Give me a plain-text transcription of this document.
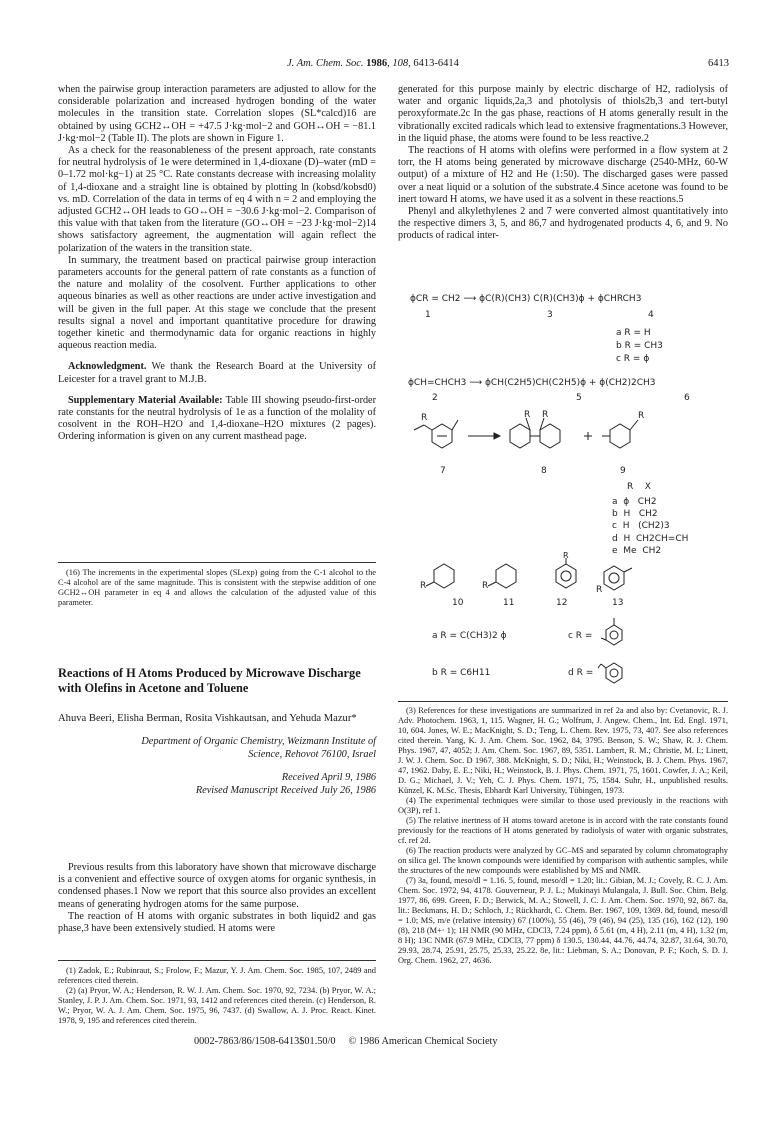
J. Am. Chem. Soc. 1986, 108, 6413-6414	6413

when the pairwise group interaction parameters are adjusted to allow for the considerable polarization and increased hydrogen bonding of the water molecules in the transition state. Correlation slopes (SL*calcd)16 are obtained by using GCH2↔OH = +47.5 J·kg·mol−2 and GOH↔OH = −81.1 J·kg·mol−2 (Table II). The plots are shown in Figure 1.

As a check for the reasonableness of the present approach, rate constants for neutral hydrolysis of 1e were determined in 1,4-dioxane (D)–water (mD = 0–1.72 mol·kg−1) at 25 °C. Rate constants decrease with increasing molality of 1,4-dioxane and a straight line is obtained by plotting ln (kobsd/kobsd0) vs. mD. Correlation of the data in terms of eq 4 with n = 2 and employing the adjusted GCH2↔OH leads to GO↔OH = −30.6 J·kg·mol−2. Comparison of this value with that taken from the literature (GO↔OH = −23 J·kg·mol−2)14 shows satisfactory agreement, the augmentation will again reflect the polarization of the waters in the transition state.

In summary, the treatment based on practical pairwise group interaction parameters accounts for the general pattern of rate constants as a function of the nature and molality of the cosolvent. Further applications to other aqueous binaries as well as other reactions are under active investigation and will be given in the full paper. At this stage we conclude that the present results signal a novel and important quantitative procedure for drawing together kinetic and thermodynamic data for organic reactions in highly aqueous reaction media.

Acknowledgment. We thank the Research Board at the University of Leicester for a travel grant to M.J.B.

Supplementary Material Available: Table III showing pseudo-first-order rate constants for the neutral hydrolysis of 1e as a function of the molality of cosolvent in the ROH–H2O and 1,4-dioxane–H2O mixtures (2 pages). Ordering information is given on any current masthead page.

(16) The increments in the experimental slopes (SLexp) going from the C-1 alcohol to the C-4 alcohol are of the same magnitude. This is consistent with the stepwise addition of one GCH2↔OH parameter in eq 4 and allows the calculation of the adjusted value of this parameter.

Reactions of H Atoms Produced by Microwave Discharge with Olefins in Acetone and Toluene
Ahuva Beeri, Elisha Berman, Rosita Vishkautsan, and Yehuda Mazur*
Department of Organic Chemistry, Weizmann Institute of Science, Rehovot 76100, Israel
Received April 9, 1986
Revised Manuscript Received July 26, 1986

Previous results from this laboratory have shown that microwave discharge is a convenient and effective source of oxygen atoms for organic synthesis, in condensed phases.1 Now we report that this source also provides an excellent means of generating hydrogen atoms for the same purpose.

The reaction of H atoms with organic substrates in both liquid2 and gas phase,3 have been extensively studied. H atoms were

(1) Zadok, E.; Rubinraut, S.; Frolow, F.; Mazur, Y. J. Am. Chem. Soc. 1985, 107, 2489 and references cited therein.

(2) (a) Pryor, W. A.; Henderson, R. W. J. Am. Chem. Soc. 1970, 92, 7234. (b) Pryor, W. A.; Stanley, J. P. J. Am. Chem. Soc. 1971, 93, 1412 and references cited therein. (c) Henderson, R. W.; Pryor, W. A. J. Am. Chem. Soc. 1975, 96, 7437. (d) Swallow, A. J. Proc. React. Kinet. 1978, 9, 195 and references cited therein.

generated for this purpose mainly by electric discharge of H2, radiolysis of water and organic liquids,2a,3 and photolysis of thiols2b,3 and tert-butyl peroxyformate.2c In the gas phase, reactions of H atoms generally result in the vibrationally excited radicals which lead to extensive fragmentations.3 However, in the liquid phase, the atoms were found to be less reactive.2

The reactions of H atoms with olefins were performed in a flow system at 2 torr, the H atoms being generated by microwave discharge (2540-MHz, 60-W output) of a mixture of H2 and He (1:50). The discharged gases were passed over a neat liquid or a solution of the substrate.4 Since acetone was found to be inert toward H atoms, we have used it as a solvent in these reactions.5

Phenyl and alkylethylenes 2 and 7 were converted almost quantitatively into the respective dimers 3, 5, and 86,7 and hydrogenated products 4, 6, and 9. No products of radical inter-

ϕCR = CH2 ⟶ ϕC(R)(CH3) C(R)(CH3)ϕ + ϕCHRCH3
1	3	4
a R = H
b R = CH3
c R = ϕ
ϕCH=CHCH3 ⟶ ϕCH(C2H5)CH(C2H5)ϕ + ϕ(CH2)2CH3
2	5	6
R	R R	R
7	8	9
R X
a ϕ CH2
b H CH2
c H (CH2)3
d H CH2CH=CH
e Me CH2
R	R
R
R
10	11	12	13
a R = C(CH3)2 ϕ	c R =
b R = C6H11	d R =

(3) References for these investigations are summarized in ref 2a and also by: Cvetanovic, R. J. Adv. Photochem. 1963, 1, 115. Wagner, H. G.; Wolfrum, J. Angew. Chem., Int. Ed. Engl. 1971, 10, 604. Jones, W. E.; MacKnight, S. D.; Teng, L. Chem. Rev. 1975, 73, 407. See also references cited therein. Yang, K. J. Am. Chem. Soc. 1962, 84, 3795. Benson, S. W.; Shaw, R. J. Chem. Phys. 1967, 47, 4052; J. Am. Chem. Soc. 1967, 89, 5351. Lambert, R. M.; Christie, M. I.; Linett, J. W. J. Chem. Soc. D 1967, 388. McKnight, S. D.; Niki, H.; Weinstock, B. J. Chem. Phys. 1967, 47, 1962. Daby, E. E.; Niki, H.; Weinstock, B. J. Phys. Chem. 1971, 75, 1601. Cowfer, J. A.; Keil, D. G.; Michael, J. V.; Yeh, C. J. Phys. Chem. 1971, 75, 1584. Suhr, H., unpublished results. Künzel, K. M.Sc. Thesis, Ebhardt Karl University, Tübingen, 1973.

(4) The experimental techniques were similar to those used previously in the reactions with O(3P), ref 1.

(5) The relative inertness of H atoms toward acetone is in accord with the rate constants found previously for the reactions of H atoms generated by radiolysis of water with organic substrates, cf. ref 2d.

(6) The reaction products were analyzed by GC–MS and separated by column chromatography on silica gel. The known compounds were identified by comparison with authentic samples, while the structures of the new compounds were established by MS and NMR.

(7) 3a, found, meso/dl = 1.16. 5, found, meso/dl = 1.20; lit.: Gibian, M. J.; Covely, R. C. J. Am. Chem. Soc. 1972, 94, 4178. Gouverneur, P. J. L.; Mukinayi Mulangala, J. Bull. Soc. Chim. Belg. 1977, 86, 699. Green, F. D.; Berwick, M. A.; Stowell, J. C. J. Am. Chem. Soc. 1970, 92, 867. 8a, lit.: Beckmans, H. D.; Schloch, J.; Rückhardt, C. Chem. Ber. 1967, 109, 1369. 8d, found, meso/dl = 1.0; MS, m/e (relative intensity) 67 (100%), 55 (46), 79 (46), 94 (25), 135 (16), 162 (12), 190 (8), 218 (M+· 1); 1H NMR (90 MHz, CDCl3, 7.24 ppm), δ 5.61 (m, 4 H), 2.11 (m, 4 H), 1.32 (m, 8 H); 13C NMR (67.9 MHz, CDCl3, 77 ppm) δ 130.5, 130.44, 44.76, 44.74, 32.87, 31.64, 30.70, 29.93, 28.74, 25.91, 25.75, 25.33, 25.22. 8e, lit.: Liebman, S. A.; Donovan, P. F.; Koch, S. D. J. Org. Chem. 1962, 27, 4636.

0002-7863/86/1508-6413$01.50/0 © 1986 American Chemical Society
